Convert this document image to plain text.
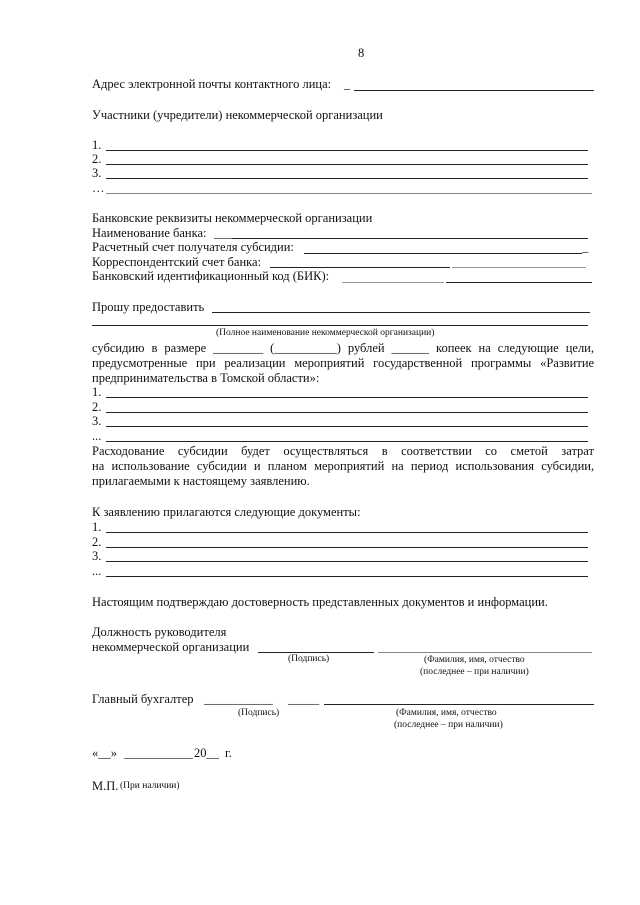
8
Адрес электронной почты контактного лица: _
Участники (учредители) некоммерческой организации
1.
2.
3.
…
Банковские реквизиты некоммерческой организации
Наименование банка: ___
Расчетный счет получателя субсидии:	_
Корреспондентский счет банка:
Банковский идентификационный код (БИК):
Прошу предоставить
(Полное наименование некоммерческой организации)
субсидию в размере ________ (__________) рублей ______ копеек на следующие цели,
предусмотренные при реализации мероприятий государственной программы «Развитие
предпринимательства в Томской области»:
1.
2.
3.
...
Расходование субсидии будет осуществляться в соответствии со сметой затрат
на использование субсидии и планом мероприятий на период использования субсидии,
прилагаемыми к настоящему заявлению.
К заявлению прилагаются следующие документы:
1.
2.
3.
...
Настоящим подтверждаю достоверность представленных документов и информации.
Должность руководителя
некоммерческой организации
(Подпись)	(Фамилия, имя, отчество
(последнее – при наличии)
Главный бухгалтер ___________ _____
(Подпись)	(Фамилия, имя, отчество
(последнее – при наличии)
«__» ___________ 20__ г.
М.П. (При наличии)
